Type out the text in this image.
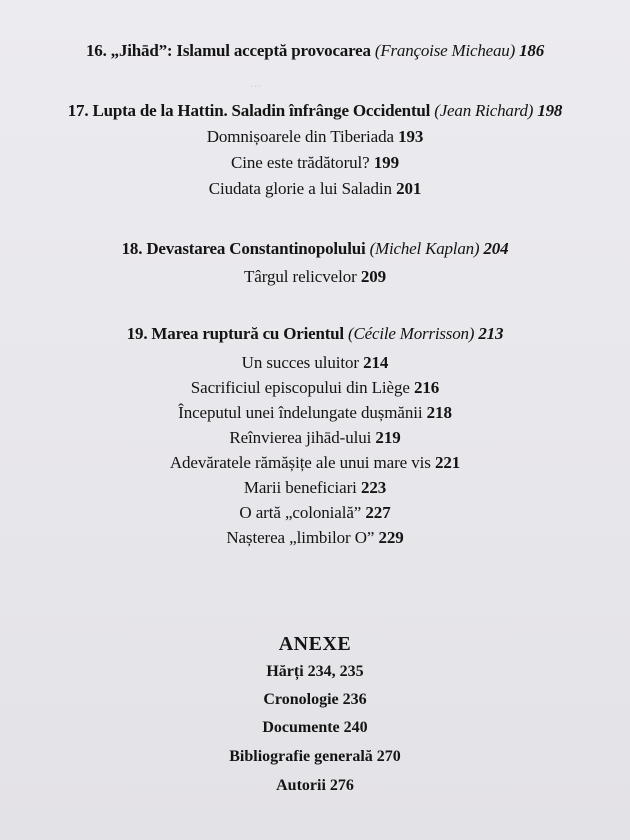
...
16. „Jihād”: Islamul acceptă provocarea (Françoise Micheau) 186
17. Lupta de la Hattin. Saladin înfrânge Occidentul (Jean Richard) 198
Domnișoarele din Tiberiada 193
Cine este trădătorul? 199
Ciudata glorie a lui Saladin 201
18. Devastarea Constantinopolului (Michel Kaplan) 204
Târgul relicvelor 209
19. Marea ruptură cu Orientul (Cécile Morrisson) 213
Un succes uluitor 214
Sacrificiul episcopului din Liège 216
Începutul unei îndelungate dușmănii 218
Reînvierea jihād-ului 219
Adevăratele rămășițe ale unui mare vis 221
Marii beneficiari 223
O artă „colonială” 227
Nașterea „limbilor O” 229
ANEXE
Hărți 234, 235
Cronologie 236
Documente 240
Bibliografie generală 270
Autorii 276
